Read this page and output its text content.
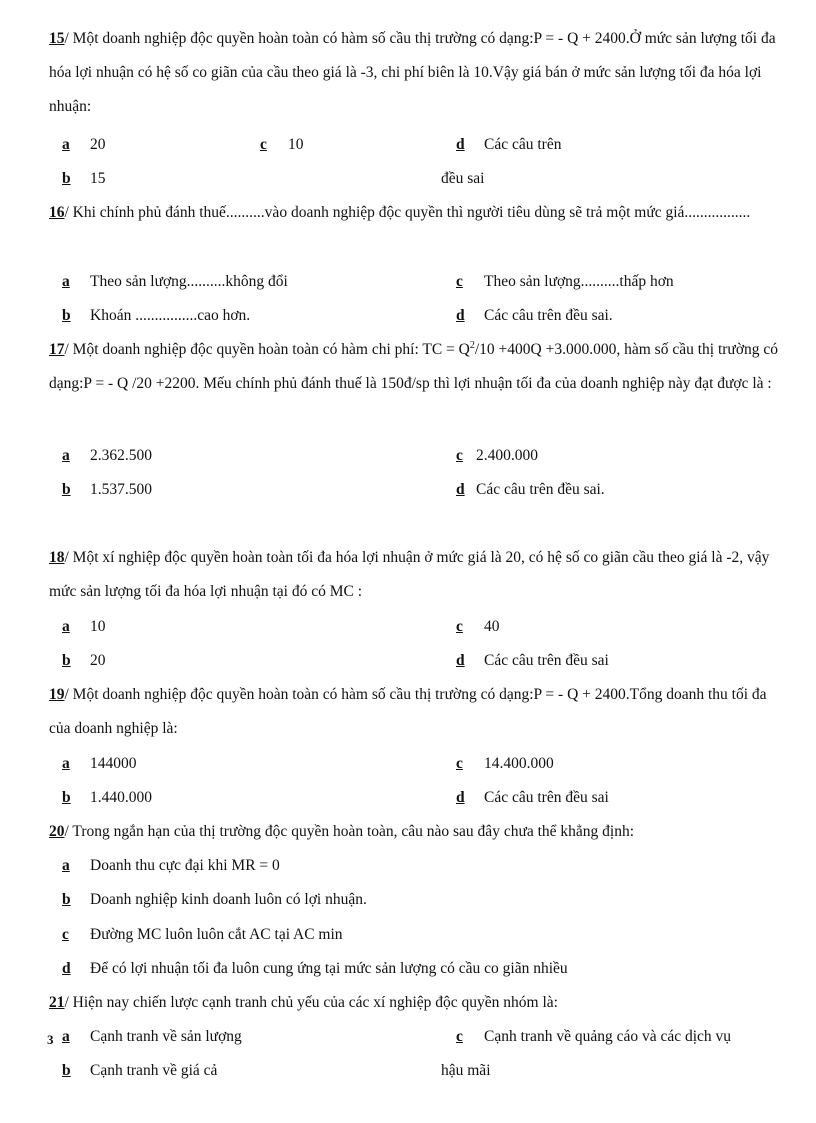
15/ Một doanh nghiệp độc quyền hoàn toàn có hàm số cầu thị trường có dạng:P = - Q + 2400.Ở mức sản lượng tối đa hóa lợi nhuận có hệ số co giãn của cầu theo giá là -3, chi phí biên là 10.Vậy giá bán ở mức sản lượng tối đa hóa lợi nhuận:

a 20	c 10	d Các câu trên
b 15	đều sai

16/ Khi chính phủ đánh thuế..........vào doanh nghiệp độc quyền thì người tiêu dùng sẽ trả một mức giá.................

a Theo sản lượng..........không đổi	c Theo sản lượng..........thấp hơn
b Khoán ................cao hơn.	d Các câu trên đều sai.

17/ Một doanh nghiệp độc quyền hoàn toàn có hàm chi phí: TC = $Q^2/10 +400Q +3.000.000$, hàm số cầu thị trường có dạng:P = - Q /20 +2200. Mếu chính phủ đánh thuế là 150đ/sp thì lợi nhuận tối đa của doanh nghiệp này đạt được là :

a 2.362.500	c 2.400.000
b 1.537.500	d Các câu trên đều sai.

18/ Một xí nghiệp độc quyền hoàn toàn tối đa hóa lợi nhuận ở mức giá là 20, có hệ số co giãn cầu theo giá là -2, vậy mức sản lượng tối đa hóa lợi nhuận tại đó có MC :

a 10	c 40
b 20	d Các câu trên đều sai

19/ Một doanh nghiệp độc quyền hoàn toàn có hàm số cầu thị trường có dạng:P = - Q + 2400.Tổng doanh thu tối đa của doanh nghiệp là:

a 144000	c 14.400.000
b 1.440.000	d Các câu trên đều sai

20/ Trong ngắn hạn của thị trường độc quyền hoàn toàn, câu nào sau đây chưa thể khẳng định:

a Doanh thu cực đại khi MR = 0
b Doanh nghiệp kinh doanh luôn có lợi nhuận.
c Đường MC luôn luôn cắt AC tại AC min
d Để có lợi nhuận tối đa luôn cung ứng tại mức sản lượng có cầu co giãn nhiều

21/ Hiện nay chiến lược cạnh tranh chủ yếu của các xí nghiệp độc quyền nhóm là:

3 a Cạnh tranh về sản lượng	c Cạnh tranh về quảng cáo và các dịch vụ
b Cạnh tranh về giá cả	hậu mãi
